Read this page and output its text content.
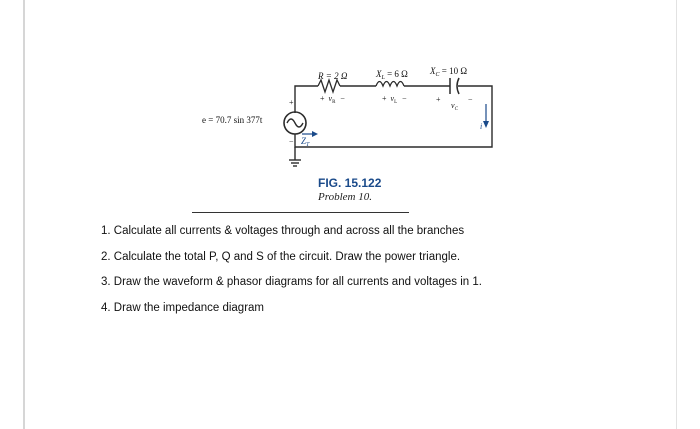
e = 70.7 sin 377t
+
− $Z_T$
R = 2 Ω
+ $v_R$ −
$X_L = 6$ Ω
+ $v_L$ −
$X_C = 10$ Ω
+	−
$v_C$
i
FIG. 15.122
Problem 10.
1. Calculate all currents & voltages through and across all the branches
2. Calculate the total P, Q and S of the circuit. Draw the power triangle.
3. Draw the waveform & phasor diagrams for all currents and voltages in 1.
4. Draw the impedance diagram
